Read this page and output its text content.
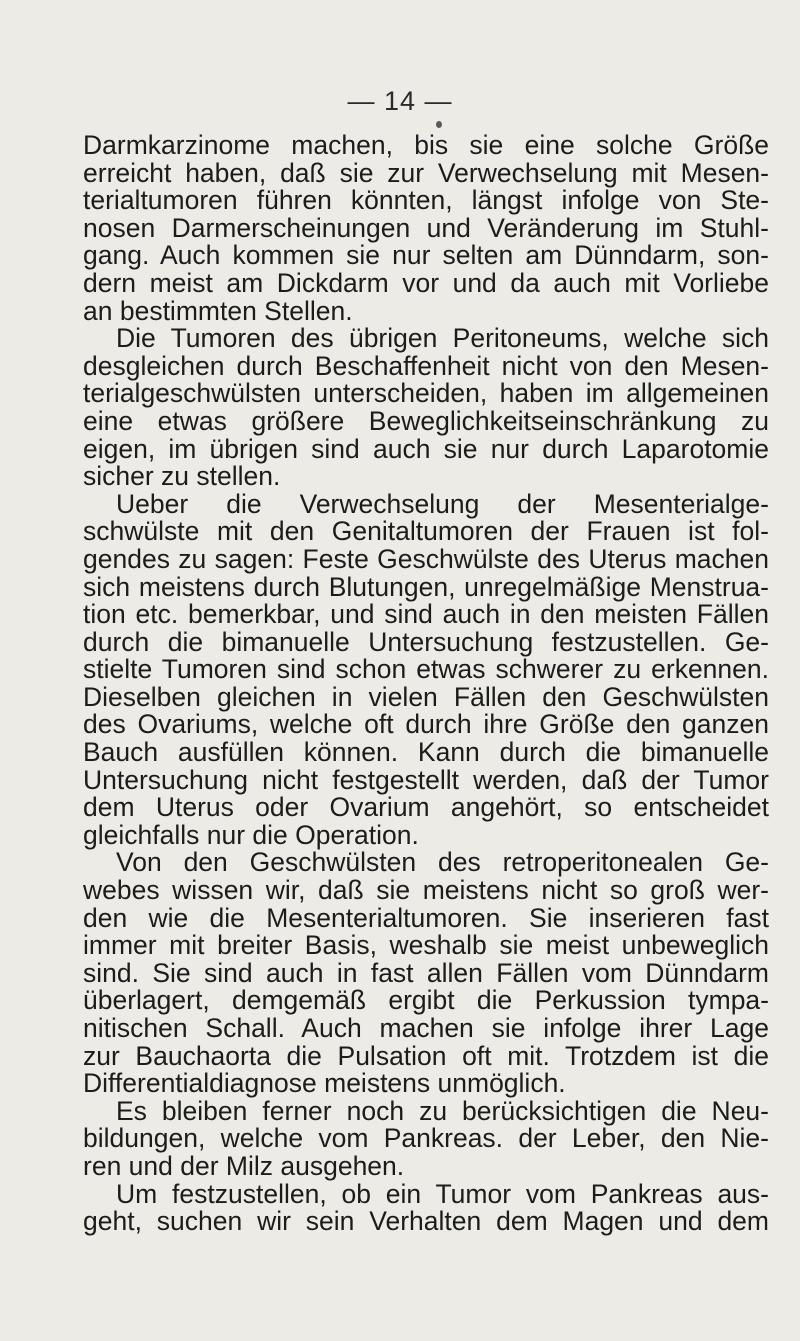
— 14 —
Darmkarzinome machen, bis sie eine solche Größe
erreicht haben, daß sie zur Verwechselung mit Mesen-
terialtumoren führen könnten, längst infolge von Ste-
nosen Darmerscheinungen und Veränderung im Stuhl-
gang. Auch kommen sie nur selten am Dünndarm, son-
dern meist am Dickdarm vor und da auch mit Vorliebe
an bestimmten Stellen.
Die Tumoren des übrigen Peritoneums, welche sich
desgleichen durch Beschaffenheit nicht von den Mesen-
terialgeschwülsten unterscheiden, haben im allgemeinen
eine etwas größere Beweglichkeitseinschränkung zu
eigen, im übrigen sind auch sie nur durch Laparotomie
sicher zu stellen.
Ueber die Verwechselung der Mesenterialge-
schwülste mit den Genitaltumoren der Frauen ist fol-
gendes zu sagen: Feste Geschwülste des Uterus machen
sich meistens durch Blutungen, unregelmäßige Menstrua-
tion etc. bemerkbar, und sind auch in den meisten Fällen
durch die bimanuelle Untersuchung festzustellen. Ge-
stielte Tumoren sind schon etwas schwerer zu erkennen.
Dieselben gleichen in vielen Fällen den Geschwülsten
des Ovariums, welche oft durch ihre Größe den ganzen
Bauch ausfüllen können. Kann durch die bimanuelle
Untersuchung nicht festgestellt werden, daß der Tumor
dem Uterus oder Ovarium angehört, so entscheidet
gleichfalls nur die Operation.
Von den Geschwülsten des retroperitonealen Ge-
webes wissen wir, daß sie meistens nicht so groß wer-
den wie die Mesenterialtumoren. Sie inserieren fast
immer mit breiter Basis, weshalb sie meist unbeweglich
sind. Sie sind auch in fast allen Fällen vom Dünndarm
überlagert, demgemäß ergibt die Perkussion tympa-
nitischen Schall. Auch machen sie infolge ihrer Lage
zur Bauchaorta die Pulsation oft mit. Trotzdem ist die
Differentialdiagnose meistens unmöglich.
Es bleiben ferner noch zu berücksichtigen die Neu-
bildungen, welche vom Pankreas. der Leber, den Nie-
ren und der Milz ausgehen.
Um festzustellen, ob ein Tumor vom Pankreas aus-
geht, suchen wir sein Verhalten dem Magen und dem
